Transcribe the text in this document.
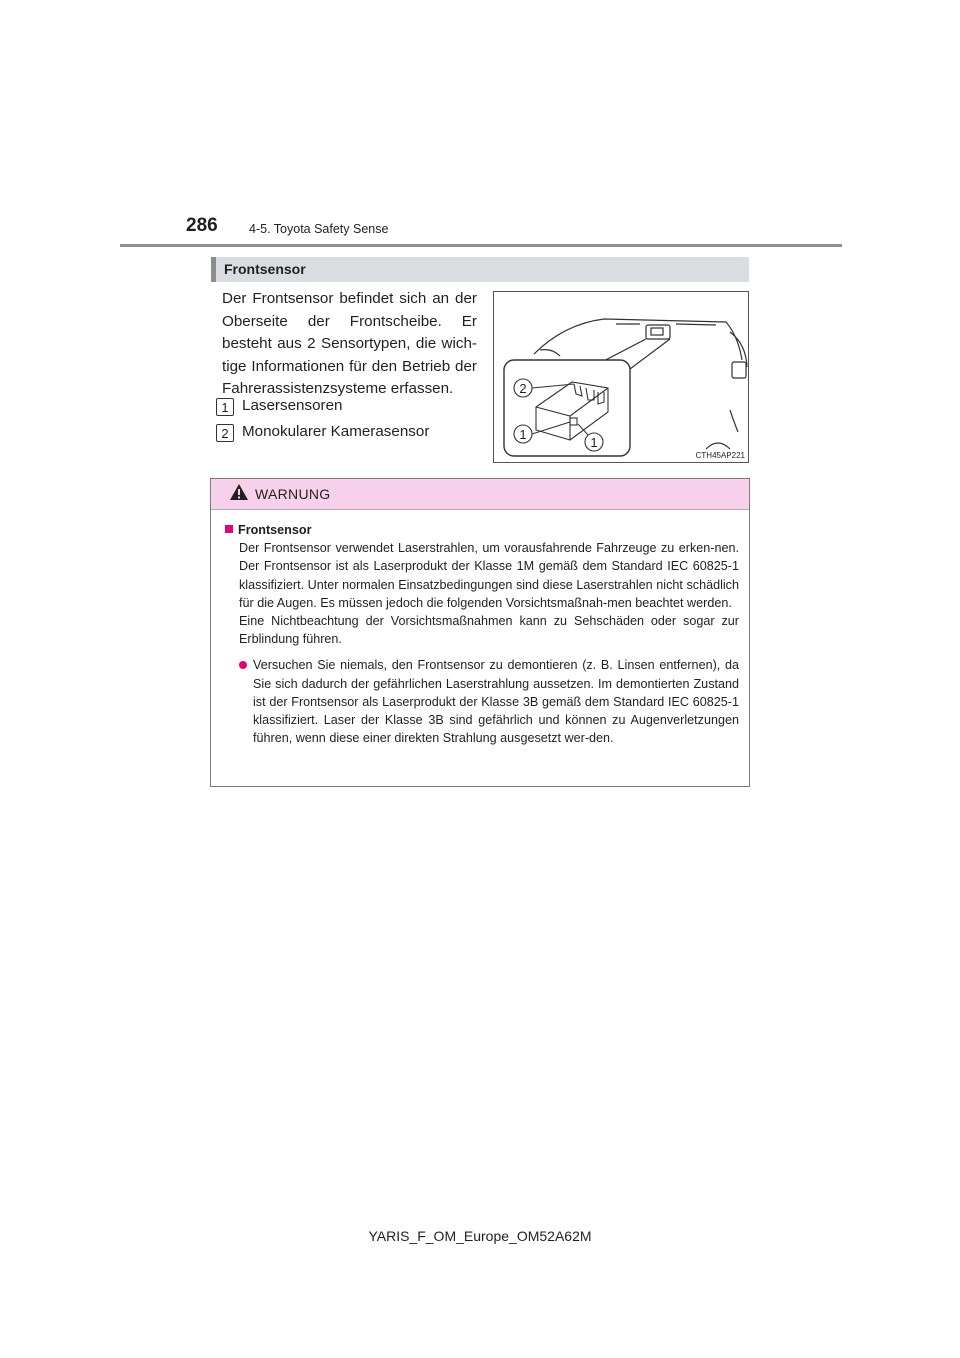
286	4-5. Toyota Safety Sense
Frontsensor
Der Frontsensor befindet sich an der Oberseite der Frontscheibe. Er besteht aus 2 Sensortypen, die wich-tige Informationen für den Betrieb der Fahrerassistenzsysteme erfassen.
1 Lasersensoren
2 Monokularer Kamerasensor
2
1
1
CTH45AP221
WARNUNG
Frontsensor
Der Frontsensor verwendet Laserstrahlen, um vorausfahrende Fahrzeuge zu erken-nen. Der Frontsensor ist als Laserprodukt der Klasse 1M gemäß dem Standard IEC 60825-1 klassifiziert. Unter normalen Einsatzbedingungen sind diese Laserstrahlen nicht schädlich für die Augen. Es müssen jedoch die folgenden Vorsichtsmaßnah-men beachtet werden.
Eine Nichtbeachtung der Vorsichtsmaßnahmen kann zu Sehschäden oder sogar zur Erblindung führen.
Versuchen Sie niemals, den Frontsensor zu demontieren (z. B. Linsen entfernen), da Sie sich dadurch der gefährlichen Laserstrahlung aussetzen. Im demontierten Zustand ist der Frontsensor als Laserprodukt der Klasse 3B gemäß dem Standard IEC 60825-1 klassifiziert. Laser der Klasse 3B sind gefährlich und können zu Augenverletzungen führen, wenn diese einer direkten Strahlung ausgesetzt wer-den.
YARIS_F_OM_Europe_OM52A62M
